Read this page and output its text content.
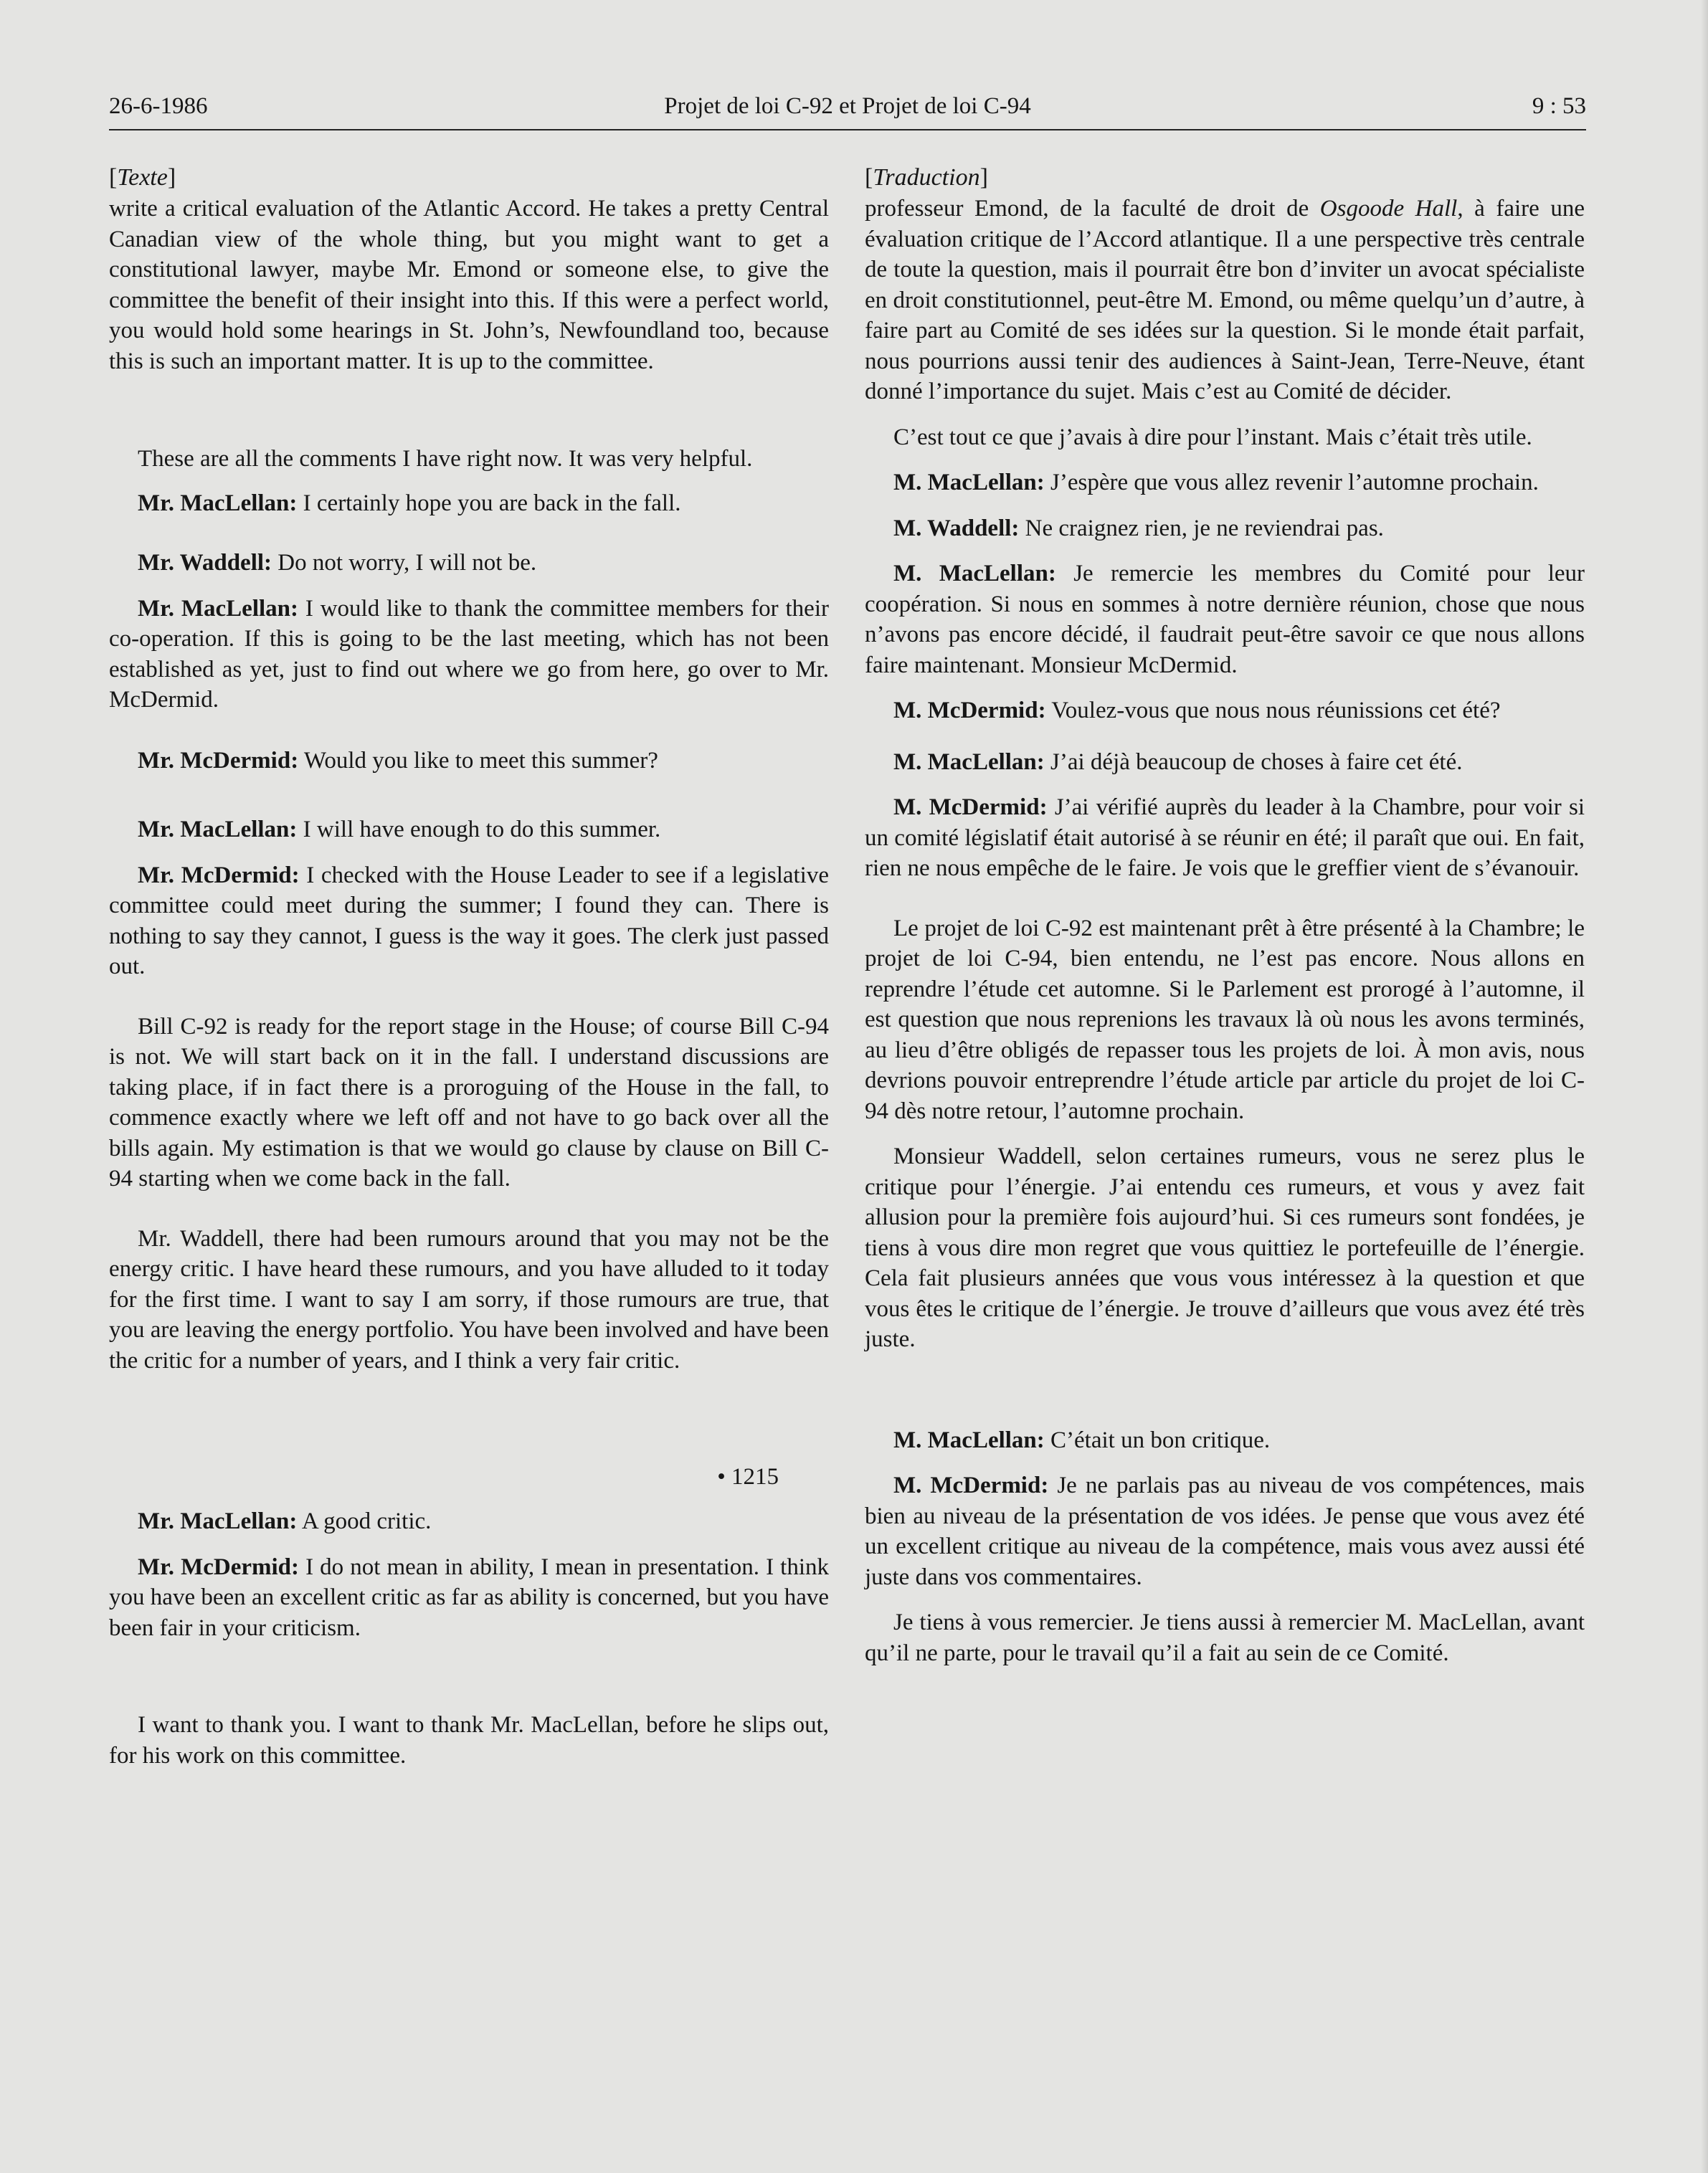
26-6-1986	Projet de loi C-92 et Projet de loi C-94	9 : 53

[Texte]

write a critical evaluation of the Atlantic Accord. He takes a pretty Central Canadian view of the whole thing, but you might want to get a constitutional lawyer, maybe Mr. Emond or someone else, to give the committee the benefit of their insight into this. If this were a perfect world, you would hold some hearings in St. John’s, Newfoundland too, because this is such an important matter. It is up to the committee.

These are all the comments I have right now. It was very helpful.

Mr. MacLellan: I certainly hope you are back in the fall.

Mr. Waddell: Do not worry, I will not be.

Mr. MacLellan: I would like to thank the committee members for their co-operation. If this is going to be the last meeting, which has not been established as yet, just to find out where we go from here, go over to Mr. McDermid.

Mr. McDermid: Would you like to meet this summer?

Mr. MacLellan: I will have enough to do this summer.

Mr. McDermid: I checked with the House Leader to see if a legislative committee could meet during the summer; I found they can. There is nothing to say they cannot, I guess is the way it goes. The clerk just passed out.

Bill C-92 is ready for the report stage in the House; of course Bill C-94 is not. We will start back on it in the fall. I understand discussions are taking place, if in fact there is a proroguing of the House in the fall, to commence exactly where we left off and not have to go back over all the bills again. My estimation is that we would go clause by clause on Bill C-94 starting when we come back in the fall.

Mr. Waddell, there had been rumours around that you may not be the energy critic. I have heard these rumours, and you have alluded to it today for the first time. I want to say I am sorry, if those rumours are true, that you are leaving the energy portfolio. You have been involved and have been the critic for a number of years, and I think a very fair critic.

• 1215

Mr. MacLellan: A good critic.

Mr. McDermid: I do not mean in ability, I mean in presentation. I think you have been an excellent critic as far as ability is concerned, but you have been fair in your criticism.

I want to thank you. I want to thank Mr. MacLellan, before he slips out, for his work on this committee.

[Traduction]

professeur Emond, de la faculté de droit de Osgoode Hall, à faire une évaluation critique de l’Accord atlantique. Il a une perspective très centrale de toute la question, mais il pourrait être bon d’inviter un avocat spécialiste en droit constitutionnel, peut-être M. Emond, ou même quelqu’un d’autre, à faire part au Comité de ses idées sur la question. Si le monde était parfait, nous pourrions aussi tenir des audiences à Saint-Jean, Terre-Neuve, étant donné l’importance du sujet. Mais c’est au Comité de décider.

C’est tout ce que j’avais à dire pour l’instant. Mais c’était très utile.

M. MacLellan: J’espère que vous allez revenir l’automne prochain.

M. Waddell: Ne craignez rien, je ne reviendrai pas.

M. MacLellan: Je remercie les membres du Comité pour leur coopération. Si nous en sommes à notre dernière réunion, chose que nous n’avons pas encore décidé, il faudrait peut-être savoir ce que nous allons faire maintenant. Monsieur McDermid.

M. McDermid: Voulez-vous que nous nous réunissions cet été?

M. MacLellan: J’ai déjà beaucoup de choses à faire cet été.

M. McDermid: J’ai vérifié auprès du leader à la Chambre, pour voir si un comité législatif était autorisé à se réunir en été; il paraît que oui. En fait, rien ne nous empêche de le faire. Je vois que le greffier vient de s’évanouir.

Le projet de loi C-92 est maintenant prêt à être présenté à la Chambre; le projet de loi C-94, bien entendu, ne l’est pas encore. Nous allons en reprendre l’étude cet automne. Si le Parlement est prorogé à l’automne, il est question que nous reprenions les travaux là où nous les avons terminés, au lieu d’être obligés de repasser tous les projets de loi. À mon avis, nous devrions pouvoir entreprendre l’étude article par article du projet de loi C-94 dès notre retour, l’automne prochain.

Monsieur Waddell, selon certaines rumeurs, vous ne serez plus le critique pour l’énergie. J’ai entendu ces rumeurs, et vous y avez fait allusion pour la première fois aujourd’hui. Si ces rumeurs sont fondées, je tiens à vous dire mon regret que vous quittiez le portefeuille de l’énergie. Cela fait plusieurs années que vous vous intéressez à la question et que vous êtes le critique de l’énergie. Je trouve d’ailleurs que vous avez été très juste.

M. MacLellan: C’était un bon critique.

M. McDermid: Je ne parlais pas au niveau de vos compétences, mais bien au niveau de la présentation de vos idées. Je pense que vous avez été un excellent critique au niveau de la compétence, mais vous avez aussi été juste dans vos commentaires.

Je tiens à vous remercier. Je tiens aussi à remercier M. MacLellan, avant qu’il ne parte, pour le travail qu’il a fait au sein de ce Comité.
